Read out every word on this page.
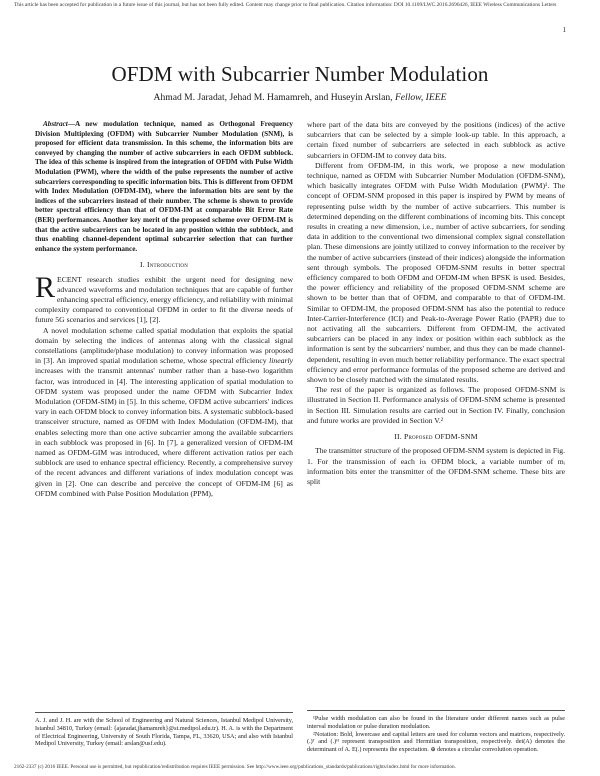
This article has been accepted for publication in a future issue of this journal, but has not been fully edited. Content may change prior to final publication. Citation information: DOI 10.1109/LWC.2016.2696426, IEEE Wireless Communications Letters
1
OFDM with Subcarrier Number Modulation
Ahmad M. Jaradat, Jehad M. Hamamreh, and Huseyin Arslan, Fellow, IEEE

Abstract—A new modulation technique, named as Orthogonal Frequency Division Multiplexing (OFDM) with Subcarrier Number Modulation (SNM), is proposed for efficient data transmission. In this scheme, the information bits are conveyed by changing the number of active subcarriers in each OFDM subblock. The idea of this scheme is inspired from the integration of OFDM with Pulse Width Modulation (PWM), where the width of the pulse represents the number of active subcarriers corresponding to specific information bits. This is different from OFDM with Index Modulation (OFDM-IM), where the information bits are sent by the indices of the subcarriers instead of their number. The scheme is shown to provide better spectral efficiency than that of OFDM-IM at comparable Bit Error Rate (BER) performances. Another key merit of the proposed scheme over OFDM-IM is that the active subcarriers can be located in any position within the subblock, and thus enabling channel-dependent optimal subcarrier selection that can further enhance the system performance.

I. Introduction

RECENT research studies exhibit the urgent need for designing new advanced waveforms and modulation techniques that are capable of further enhancing spectral efficiency, energy efficiency, and reliability with minimal complexity compared to conventional OFDM in order to fit the diverse needs of future 5G scenarios and services [1], [2].

A novel modulation scheme called spatial modulation that exploits the spatial domain by selecting the indices of antennas along with the classical signal constellations (amplitude/phase modulation) to convey information was proposed in [3]. An improved spatial modulation scheme, whose spectral efficiency linearly increases with the transmit antennas' number rather than a base-two logarithm factor, was introduced in [4]. The interesting application of spatial modulation to OFDM system was proposed under the name OFDM with Subcarrier Index Modulation (OFDM-SIM) in [5]. In this scheme, OFDM active subcarriers' indices vary in each OFDM block to convey information bits. A systematic subblock-based transceiver structure, named as OFDM with Index Modulation (OFDM-IM), that enables selecting more than one active subcarrier among the available subcarriers in each subblock was proposed in [6]. In [7], a generalized version of OFDM-IM named as OFDM-GIM was introduced, where different activation ratios per each subblock are used to enhance spectral efficiency. Recently, a comprehensive survey of the recent advances and different variations of index modulation concept was given in [2]. One can describe and perceive the concept of OFDM-IM [6] as OFDM combined with Pulse Position Modulation (PPM),

A. J. and J. H. are with the School of Engineering and Natural Sciences, Istanbul Medipol University, Istanbul 34810, Turkey (email: {ajaradat,jhamamreh}@st.medipol.edu.tr). H. A. is with the Department of Electrical Engineering, University of South Florida, Tampa, FL, 33620, USA; and also with Istanbul Medipol University, Turkey (email: arslan@usf.edu).

where part of the data bits are conveyed by the positions (indices) of the active subcarriers that can be selected by a simple look-up table. In this approach, a certain fixed number of subcarriers are selected in each subblock as active subcarriers in OFDM-IM to convey data bits.

Different from OFDM-IM, in this work, we propose a new modulation technique, named as OFDM with Subcarrier Number Modulation (OFDM-SNM), which basically integrates OFDM with Pulse Width Modulation (PWM)¹. The concept of OFDM-SNM proposed in this paper is inspired by PWM by means of representing pulse width by the number of active subcarriers. This number is determined depending on the different combinations of incoming bits. This concept results in creating a new dimension, i.e., number of active subcarriers, for sending data in addition to the conventional two dimensional complex signal constellation plan. These dimensions are jointly utilized to convey information to the receiver by the number of active subcarriers (instead of their indices) alongside the information sent through symbols. The proposed OFDM-SNM results in better spectral efficiency compared to both OFDM and OFDM-IM when BPSK is used. Besides, the power efficiency and reliability of the proposed OFDM-SNM scheme are shown to be better than that of OFDM, and comparable to that of OFDM-IM. Similar to OFDM-IM, the proposed OFDM-SNM has also the potential to reduce Inter-Carrier-Interference (ICI) and Peak-to-Average Power Ratio (PAPR) due to not activating all the subcarriers. Different from OFDM-IM, the activated subcarriers can be placed in any index or position within each subblock as the information is sent by the subcarriers' number, and thus they can be made channel-dependent, resulting in even much better reliability performance. The exact spectral efficiency and error performance formulas of the proposed scheme are derived and shown to be closely matched with the simulated results.

The rest of the paper is organized as follows. The proposed OFDM-SNM is illustrated in Section II. Performance analysis of OFDM-SNM scheme is presented in Section III. Simulation results are carried out in Section IV. Finally, conclusion and future works are provided in Section V.²

II. Proposed OFDM-SNM

The transmitter structure of the proposed OFDM-SNM system is depicted in Fig. 1. For the transmission of each iₜₕ OFDM block, a variable number of mᵢ information bits enter the transmitter of the OFDM-SNM scheme. These bits are split

¹Pulse width modulation can also be found in the literature under different names such as pulse interval modulation or pulse duration modulation.

²Notation: Bold, lowercase and capital letters are used for column vectors and matrices, respectively. (.)ᵀ and (.)ᴴ represent transposition and Hermitian transposition, respectively. det(A) denotes the determinant of A. E(.) represents the expectation. ⊕ denotes a circular convolution operation.

2162-2337 (c) 2016 IEEE. Personal use is permitted, but republication/redistribution requires IEEE permission. See http://www.ieee.org/publications_standards/publications/rights/index.html for more information.
